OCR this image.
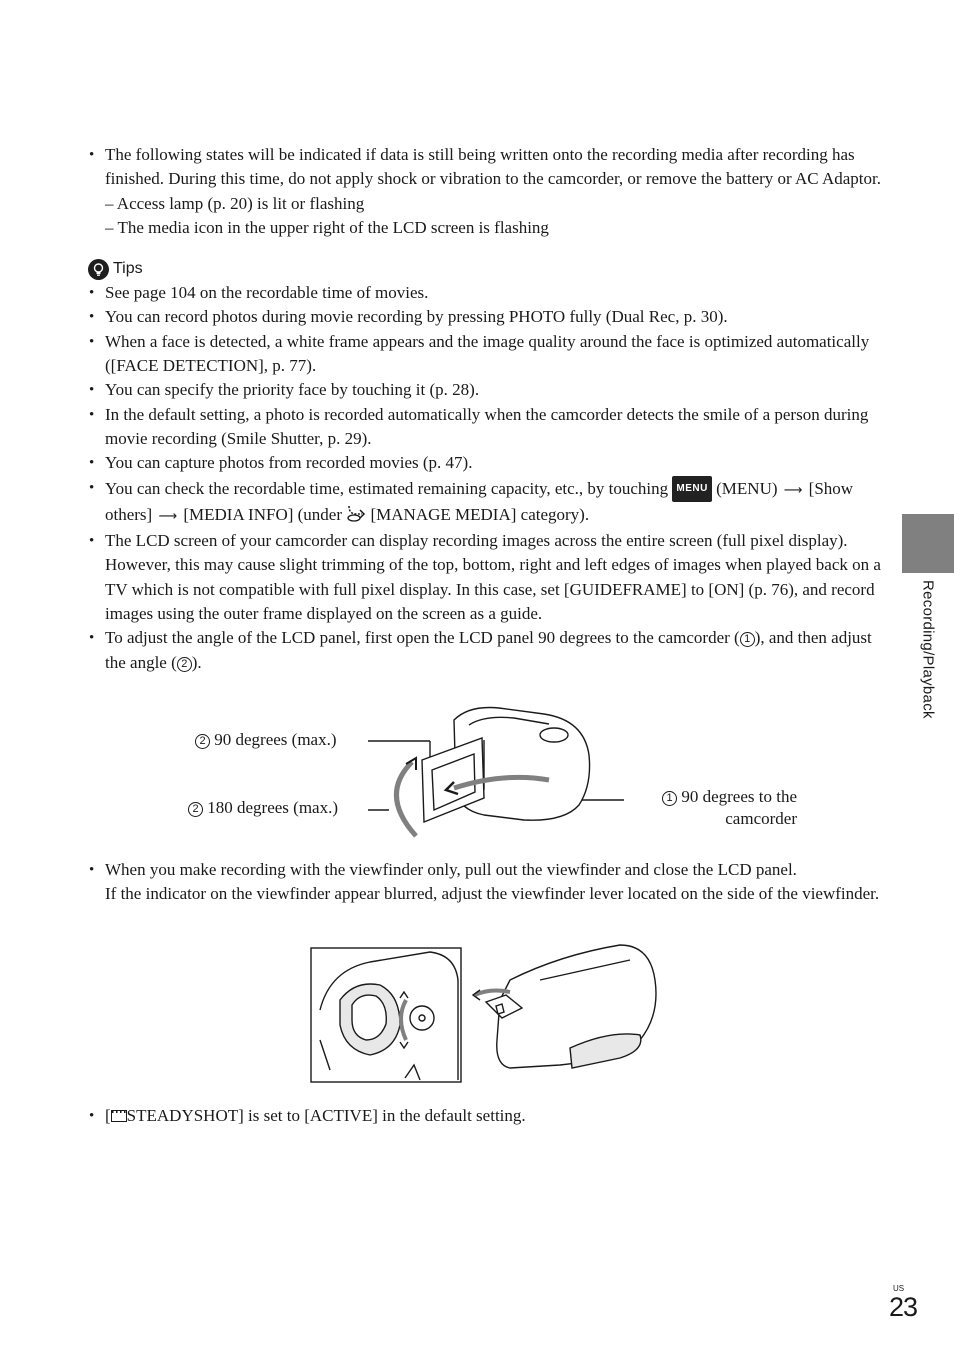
• The following states will be indicated if data is still being written onto the recording media after recording has finished. During this time, do not apply shock or vibration to the camcorder, or remove the battery or AC Adaptor.
– Access lamp (p. 20) is lit or flashing
– The media icon in the upper right of the LCD screen is flashing
Tips
• See page 104 on the recordable time of movies.
• You can record photos during movie recording by pressing PHOTO fully (Dual Rec, p. 30).
• When a face is detected, a white frame appears and the image quality around the face is optimized automatically ([FACE DETECTION], p. 77).
• You can specify the priority face by touching it (p. 28).
• In the default setting, a photo is recorded automatically when the camcorder detects the smile of a person during movie recording (Smile Shutter, p. 29).
• You can capture photos from recorded movies (p. 47).
• You can check the recordable time, estimated remaining capacity, etc., by touching MENU (MENU) ⟶ [Show others] ⟶ [MEDIA INFO] (under  [MANAGE MEDIA] category).
• The LCD screen of your camcorder can display recording images across the entire screen (full pixel display). However, this may cause slight trimming of the top, bottom, right and left edges of images when played back on a TV which is not compatible with full pixel display. In this case, set [GUIDEFRAME] to [ON] (p. 76), and record images using the outer frame displayed on the screen as a guide.
• To adjust the angle of the LCD panel, first open the LCD panel 90 degrees to the camcorder ( 1 ), and then adjust the angle ( 2 ).
2 90 degrees (max.)
2 180 degrees (max.)	1 90 degrees to the
camcorder
• When you make recording with the viewfinder only, pull out the viewfinder and close the LCD panel.
If the indicator on the viewfinder appear blurred, adjust the viewfinder lever located on the side of the viewfinder.
• [ STEADYSHOT] is set to [ACTIVE] in the default setting.
Recording/Playback
US
23
